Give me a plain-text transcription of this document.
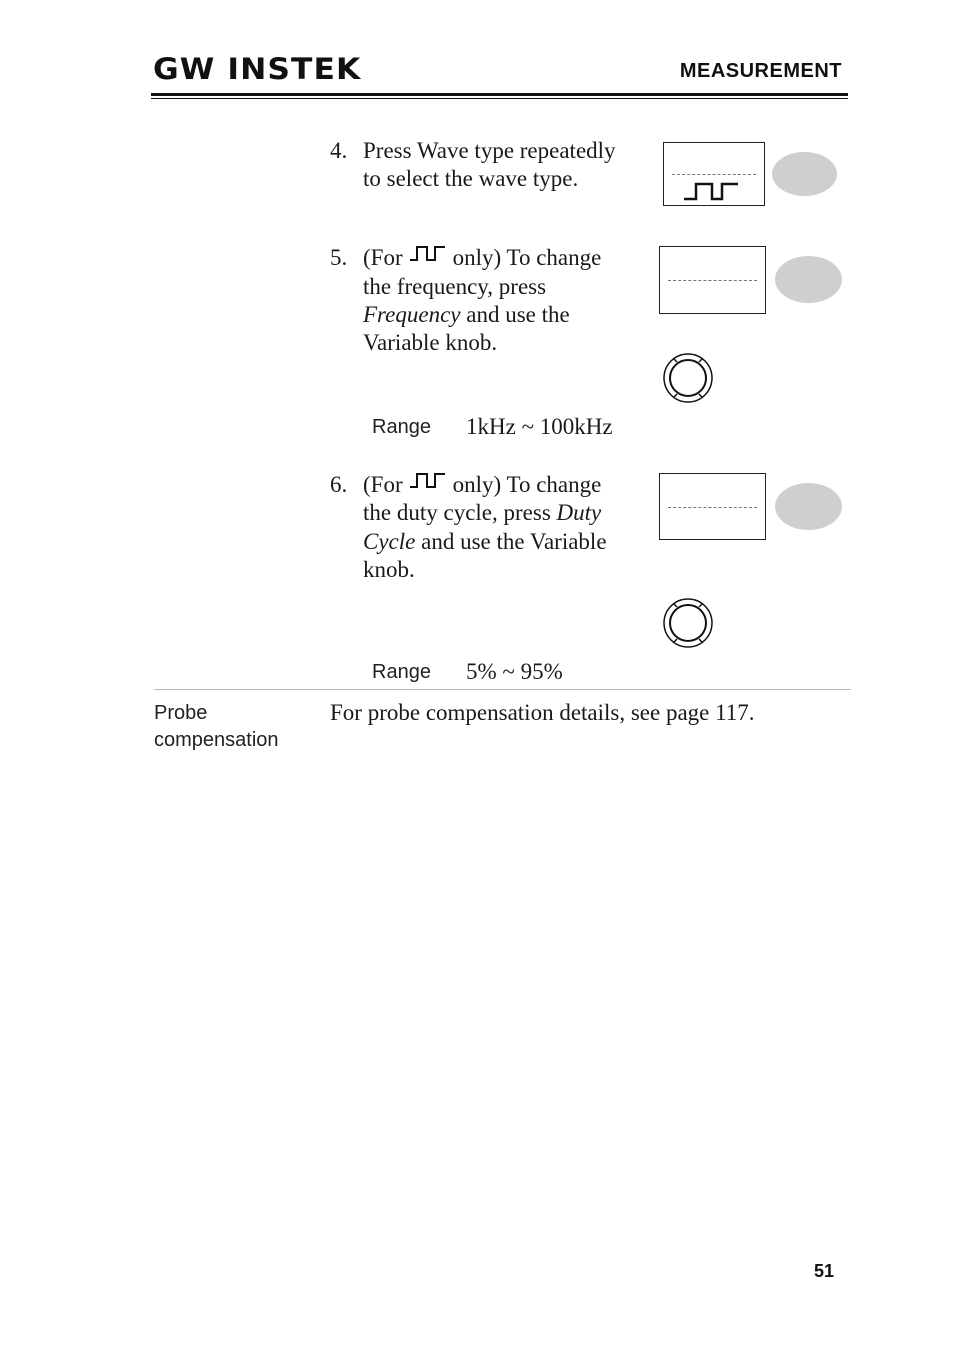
GW INSTEK	MEASUREMENT
4. Press Wave type repeatedly
to select the wave type.
5. (For only) To change
the frequency, press
Frequency and use the
Variable knob.
Range 1kHz ~ 100kHz
6. (For only) To change
the duty cycle, press Duty
Cycle and use the Variable
knob.
Range 5% ~ 95%
Probe
compensation
For probe compensation details, see page 117.
51
